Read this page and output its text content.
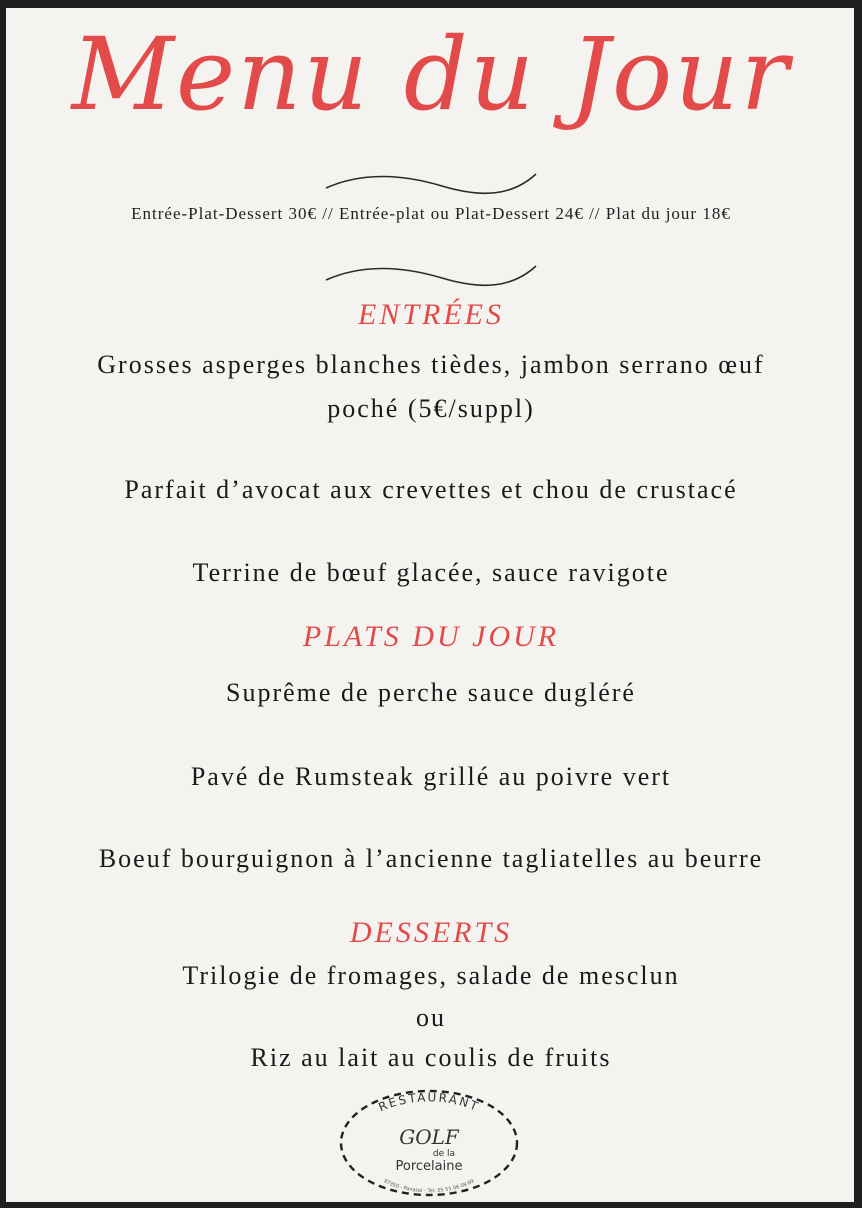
Menu du Jour
Entrée-Plat-Dessert 30€ // Entrée-plat ou Plat-Dessert 24€ // Plat du jour 18€
ENTRÉES
Grosses asperges blanches tièdes, jambon serrano œuf
poché (5€/suppl)
Parfait d’avocat aux crevettes et chou de crustacé
Terrine de bœuf glacée, sauce ravigote
PLATS DU JOUR
Suprême de perche sauce dugléré
Pavé de Rumsteak grillé au poivre vert
Boeuf bourguignon à l’ancienne tagliatelles au beurre
DESSERTS
Trilogie de fromages, salade de mesclun
ou
Riz au lait au coulis de fruits
RESTAURANT
GOLF
de la
Porcelaine
87350 - Panazol - Tel: 05 55 06 09 89
